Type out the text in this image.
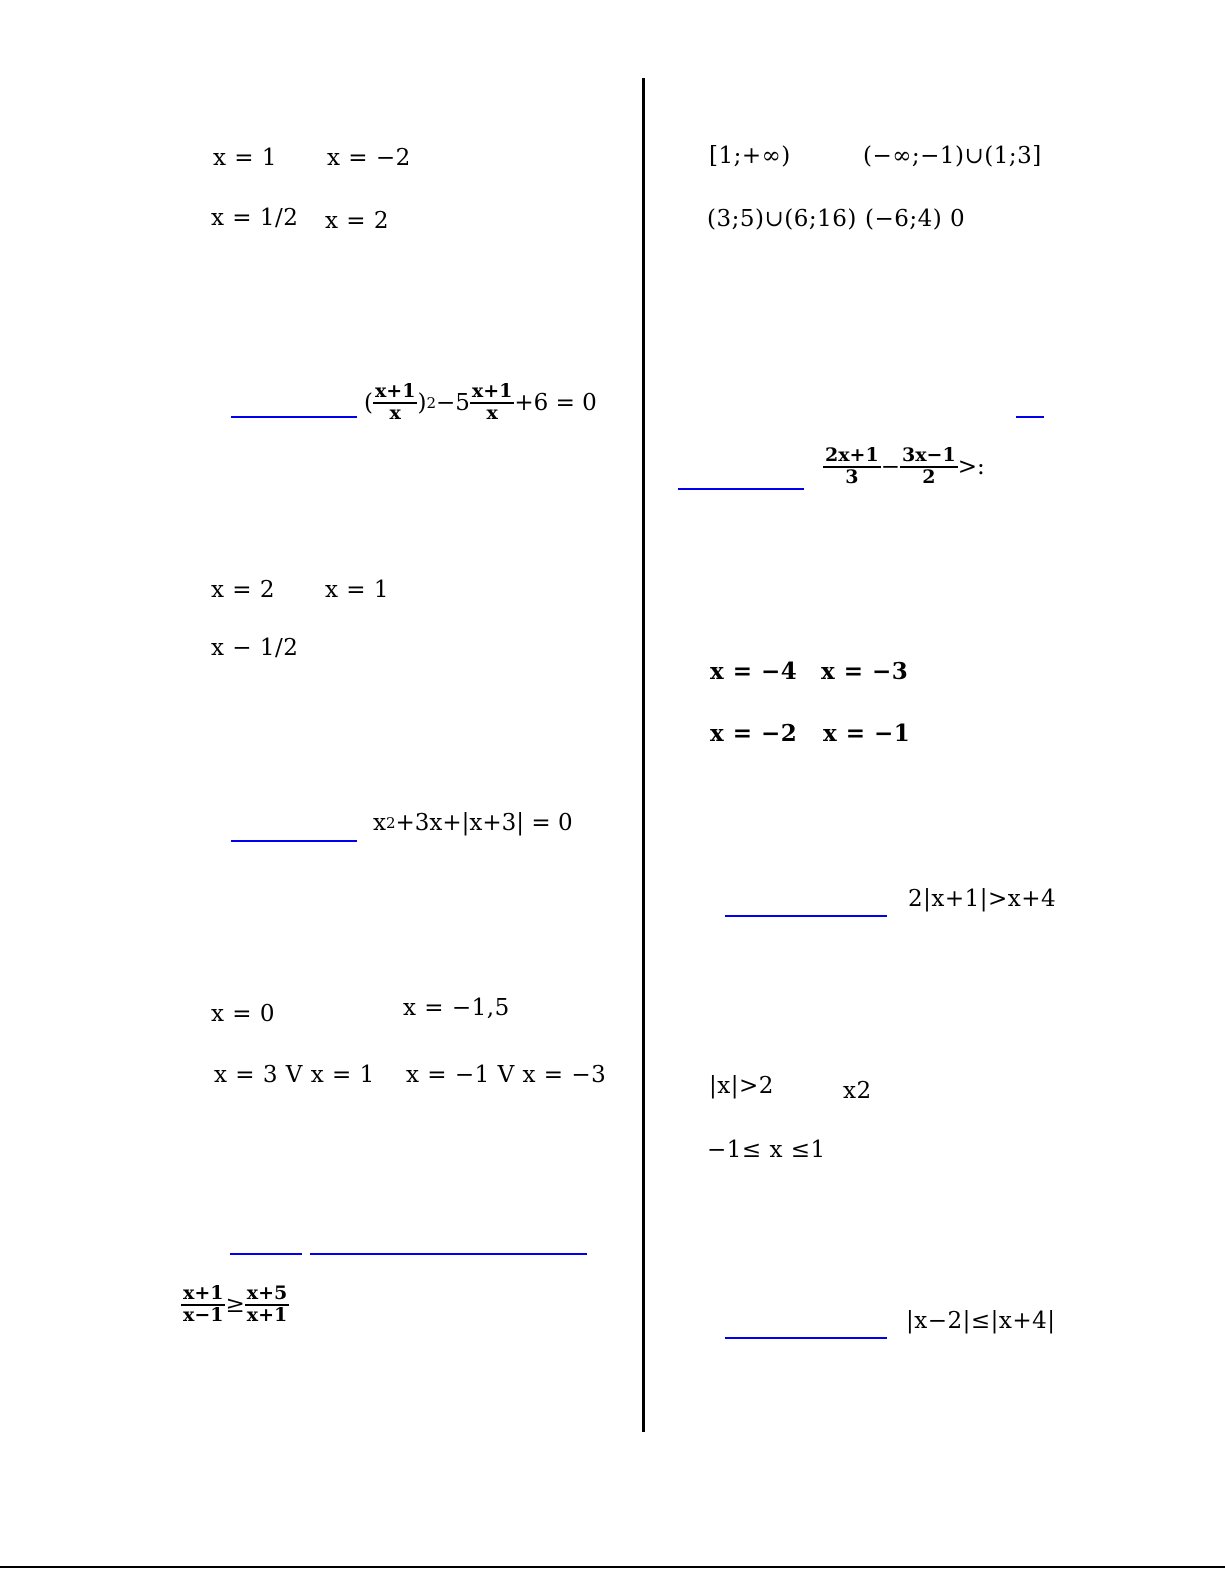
x = 1 x = −2
x = 1/2 x = 2
( $\frac{x+1}{x}$ ) $2 -5 \frac{x+1}{x} +6 = 0$
x = 2 x = 1
x − 1/2
x 2 +3x+|x+3| = 0
x = 0	x = −1,5
x = 3 V x = 1 x = −1 V x = −3
$\frac{x+1}{x-1} \ge \frac{x+5}{x+1}$
[1;+∞)	(−∞;−1)∪(1;3]
(3;5)∪(6;16) (−6;4) 0
$\frac{2x+1}{3} - \frac{3x-1}{2}$ >:
x = −4 x = −3
x = −2 x = −1
2|x+1|>x+4
|x|>2	x2
−1≤ x ≤1
|x−2|≤|x+4|
